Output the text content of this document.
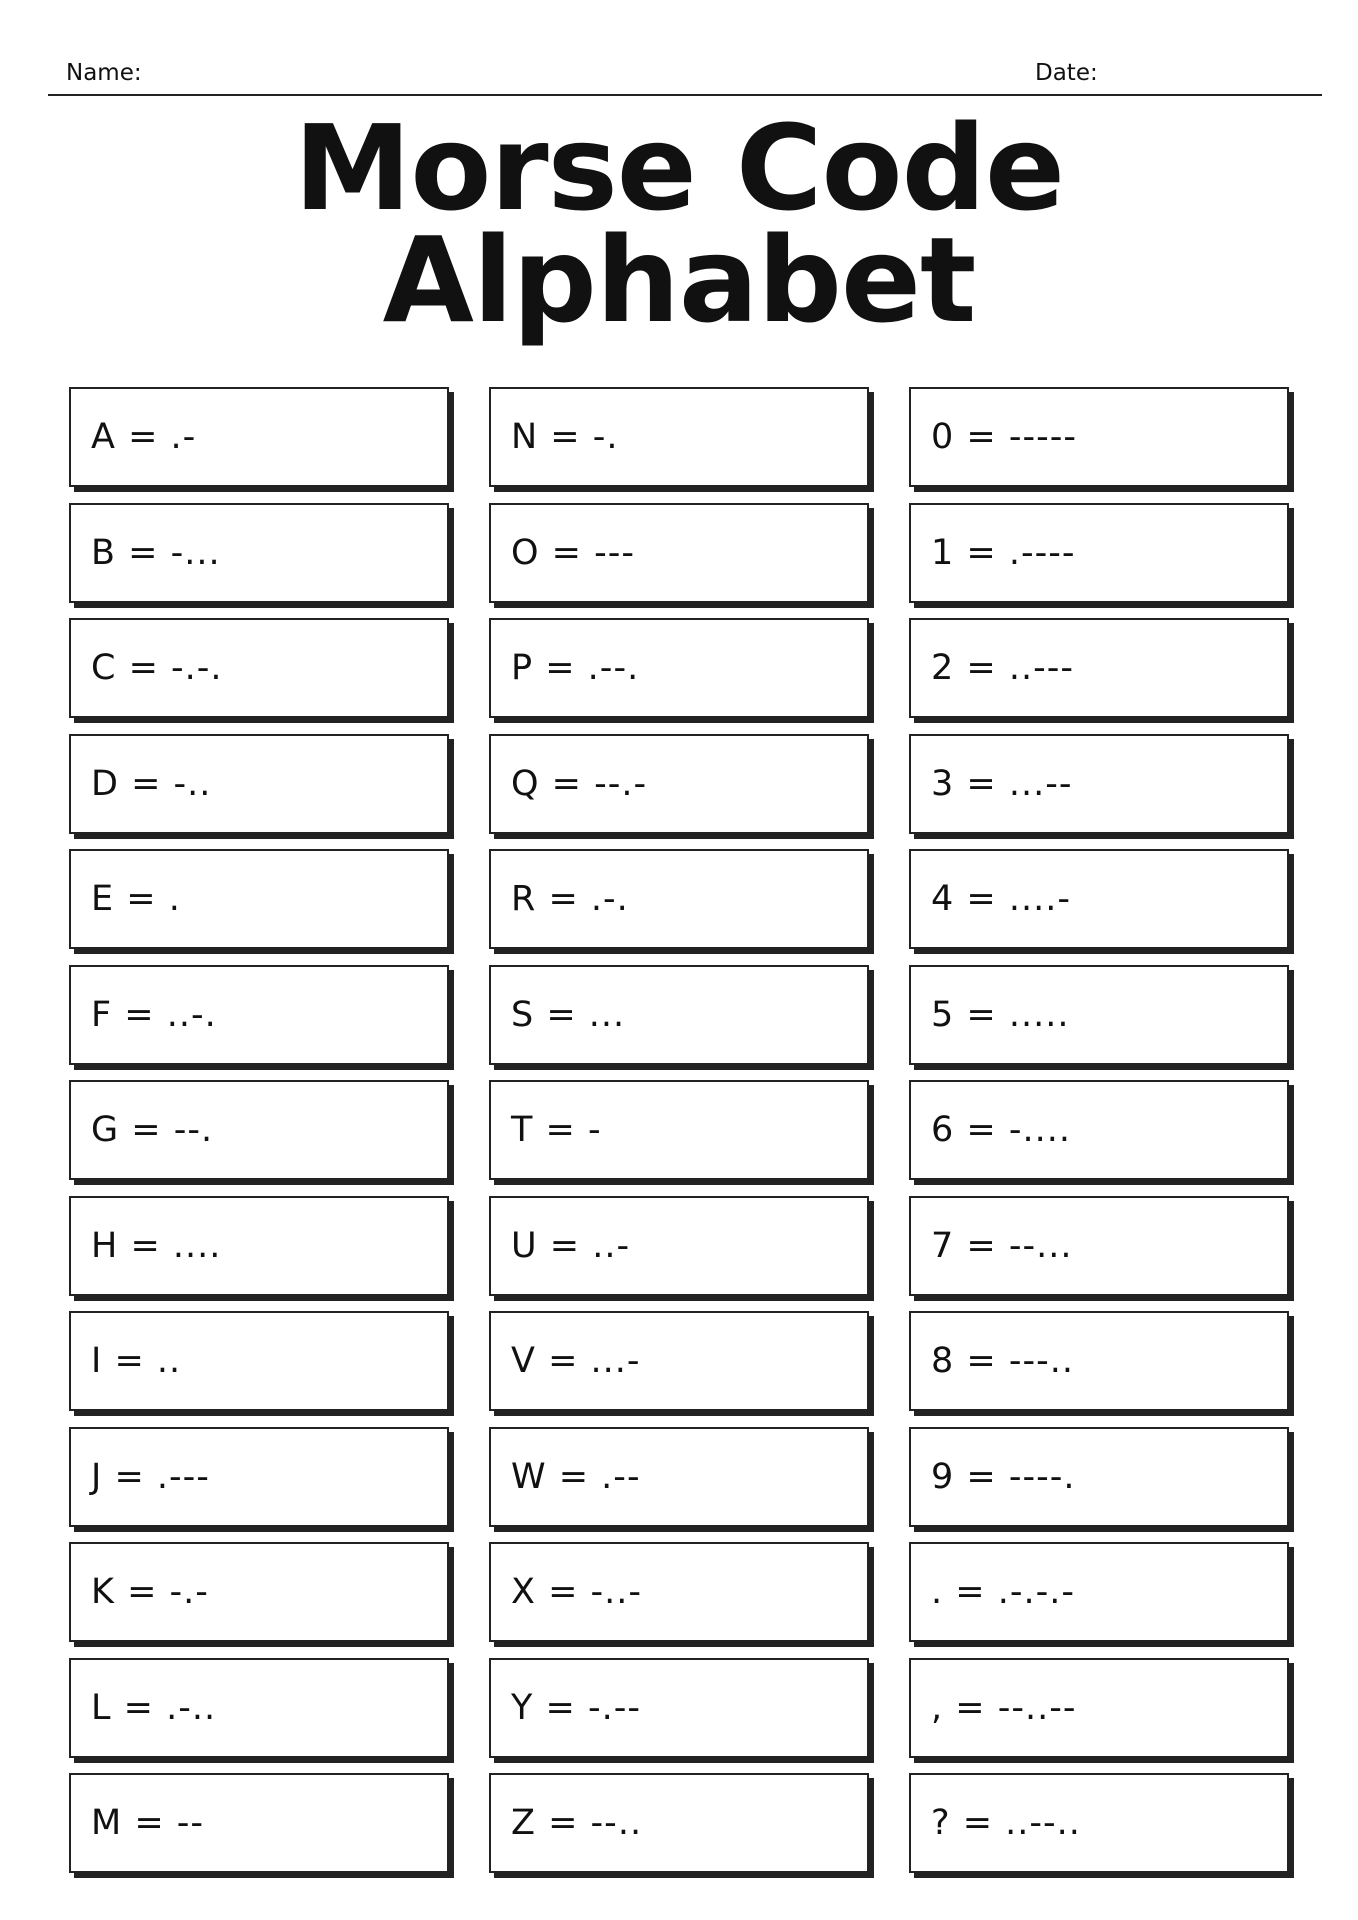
Name:	Date:
Morse Code
Alphabet
A = .-
B = -...
C = -.-.
D = -..
E = .
F = ..-.
G = --.
H = ....
I = ..
J = .---
K = -.-
L = .-..
M = --
N = -.
O = ---
P = .--.
Q = --.-
R = .-.
S = ...
T = -
U = ..-
V = ...-
W = .--
X = -..-
Y = -.--
Z = --..
0 = -----
1 = .----
2 = ..---
3 = ...--
4 = ....-
5 = .....
6 = -....
7 = --...
8 = ---..
9 = ----.
. = .-.-.-
, = --..--
? = ..--..
